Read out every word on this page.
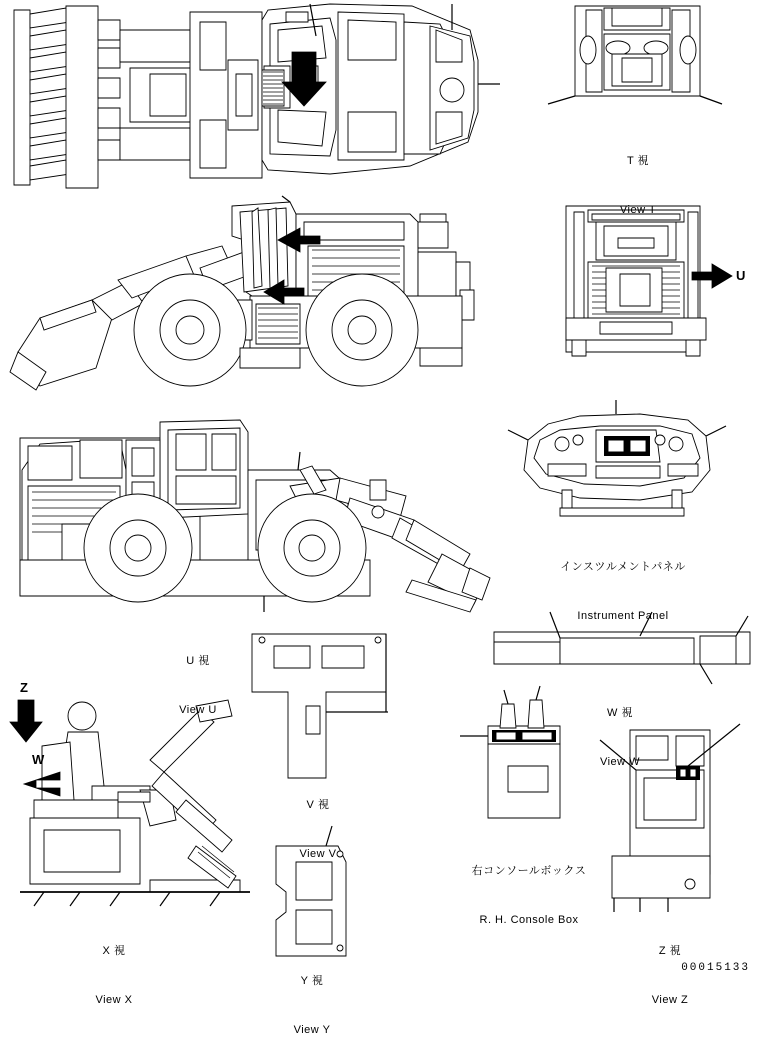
T 視

View T

U 視

View U

インスツルメントパネル

Instrument Panel

V 視

View V

W 視

View W

右コンソールボックス

R. H. Console Box

X 視

View X

Y 視

View Y

Z 視

View Z

U
Z
W
00015133
